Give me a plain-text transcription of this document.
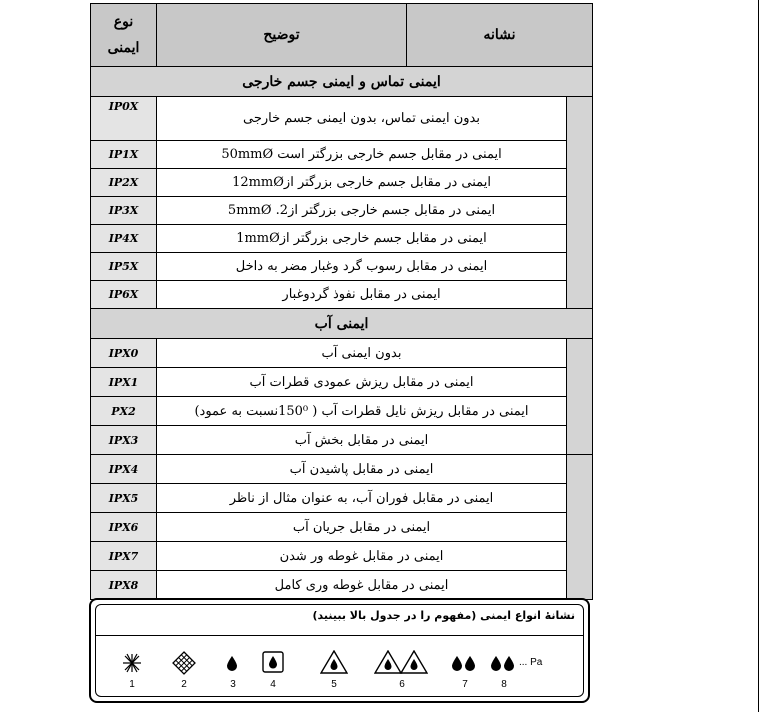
نوع ایمنی	توضیح	نشانه	
ایمنی تماس و ایمنی جسم خارجی			
IP0X	بدون ایمنی تماس، بدون ایمنی جسم خارجی		
IP1X	ایمنی در مقابل جسم خارجی بزرگتر است 50mmØ		
IP2X	ایمنی در مقابل جسم خارجی بزرگتر از12mmØ		
IP3X	ایمنی در مقابل جسم خارجی بزرگتر از2. 5mmØ		
IP4X	ایمنی در مقابل جسم خارجی بزرگتر از1mmØ		
IP5X	ایمنی در مقابل رسوب گرد وغبار مضر به داخل		
IP6X	ایمنی در مقابل نفوذ گردوغبار		
ایمنی آب			
IPX0	بدون ایمنی آب		
IPX1	ایمنی در مقابل ریزش عمودی قطرات آب		
PX2	ایمنی در مقابل ریزش نایل قطرات آب ( 150⁰نسبت به عمود)		
IPX3	ایمنی در مقابل بخش آب		
IPX4	ایمنی در مقابل پاشیدن آب		
IPX5	ایمنی در مقابل فوران آب، به عنوان مثال از ناظر		
IPX6	ایمنی در مقابل جریان آب		
IPX7	ایمنی در مقابل غوطه ور شدن		
IPX8	ایمنی در مقابل غوطه وری کامل		
نشانهٔ انواع ایمنی (مفهوم را در جدول بالا ببینید)
1	2	3	4	5	6	7
... Pa
8
